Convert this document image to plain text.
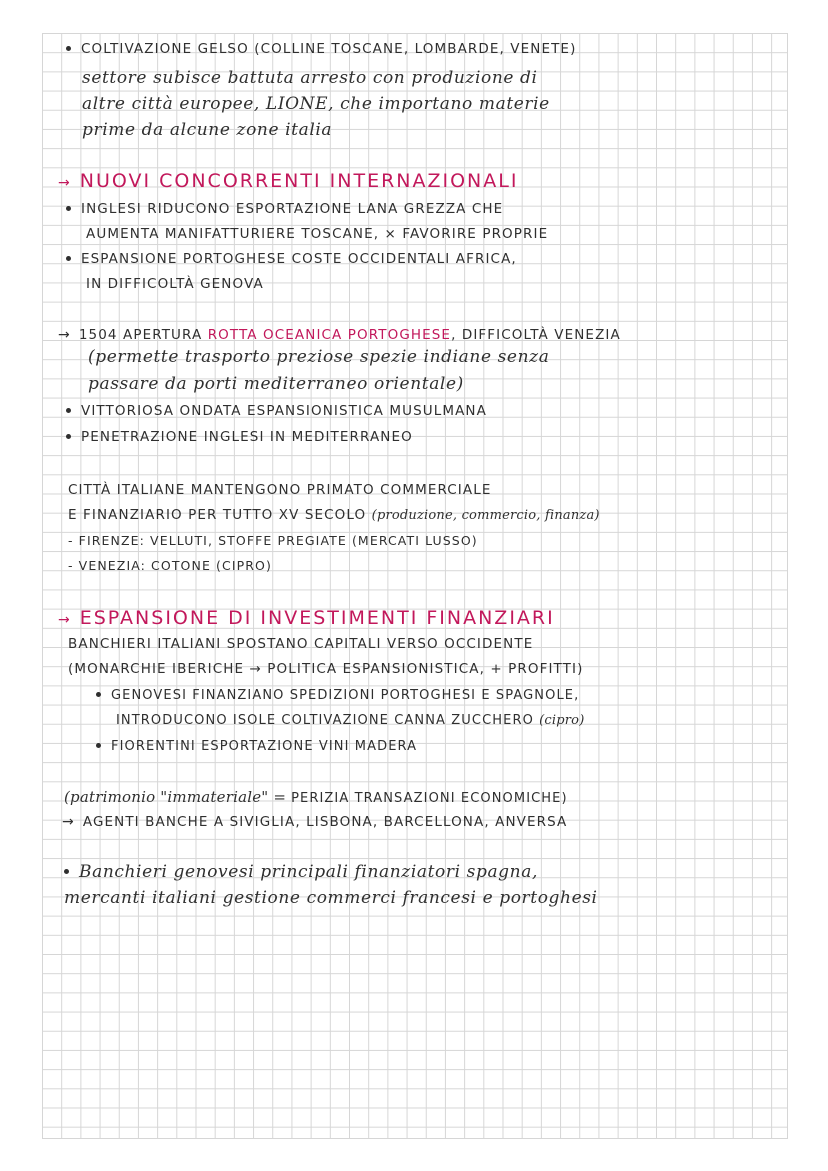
COLTIVAZIONE GELSO (COLLINE TOSCANE, LOMBARDE, VENETE)
settore subisce battuta arresto con produzione di
altre città europee, LIONE, che importano materie
prime da alcune zone italia
→ NUOVI CONCORRENTI INTERNAZIONALI
INGLESI RIDUCONO ESPORTAZIONE LANA GREZZA CHE
AUMENTA MANIFATTURIERE TOSCANE, × FAVORIRE PROPRIE
ESPANSIONE PORTOGHESE COSTE OCCIDENTALI AFRICA,
IN DIFFICOLTÀ GENOVA
→ 1504 APERTURA ROTTA OCEANICA PORTOGHESE, DIFFICOLTÀ VENEZIA
(permette trasporto preziose spezie indiane senza
passare da porti mediterraneo orientale)
VITTORIOSA ONDATA ESPANSIONISTICA MUSULMANA
PENETRAZIONE INGLESI IN MEDITERRANEO
CITTÀ ITALIANE MANTENGONO PRIMATO COMMERCIALE
E FINANZIARIO PER TUTTO XV SECOLO (produzione, commercio, finanza)
- FIRENZE: VELLUTI, STOFFE PREGIATE (MERCATI LUSSO)
- VENEZIA: COTONE (CIPRO)
→ ESPANSIONE DI INVESTIMENTI FINANZIARI
BANCHIERI ITALIANI SPOSTANO CAPITALI VERSO OCCIDENTE
(MONARCHIE IBERICHE → POLITICA ESPANSIONISTICA, + PROFITTI)
GENOVESI FINANZIANO SPEDIZIONI PORTOGHESI E SPAGNOLE,
INTRODUCONO ISOLE COLTIVAZIONE CANNA ZUCCHERO (cipro)
FIORENTINI ESPORTAZIONE VINI MADERA
(patrimonio "immateriale" = PERIZIA TRANSAZIONI ECONOMICHE)
→ AGENTI BANCHE A SIVIGLIA, LISBONA, BARCELLONA, ANVERSA
Banchieri genovesi principali finanziatori spagna,
mercanti italiani gestione commerci francesi e portoghesi
